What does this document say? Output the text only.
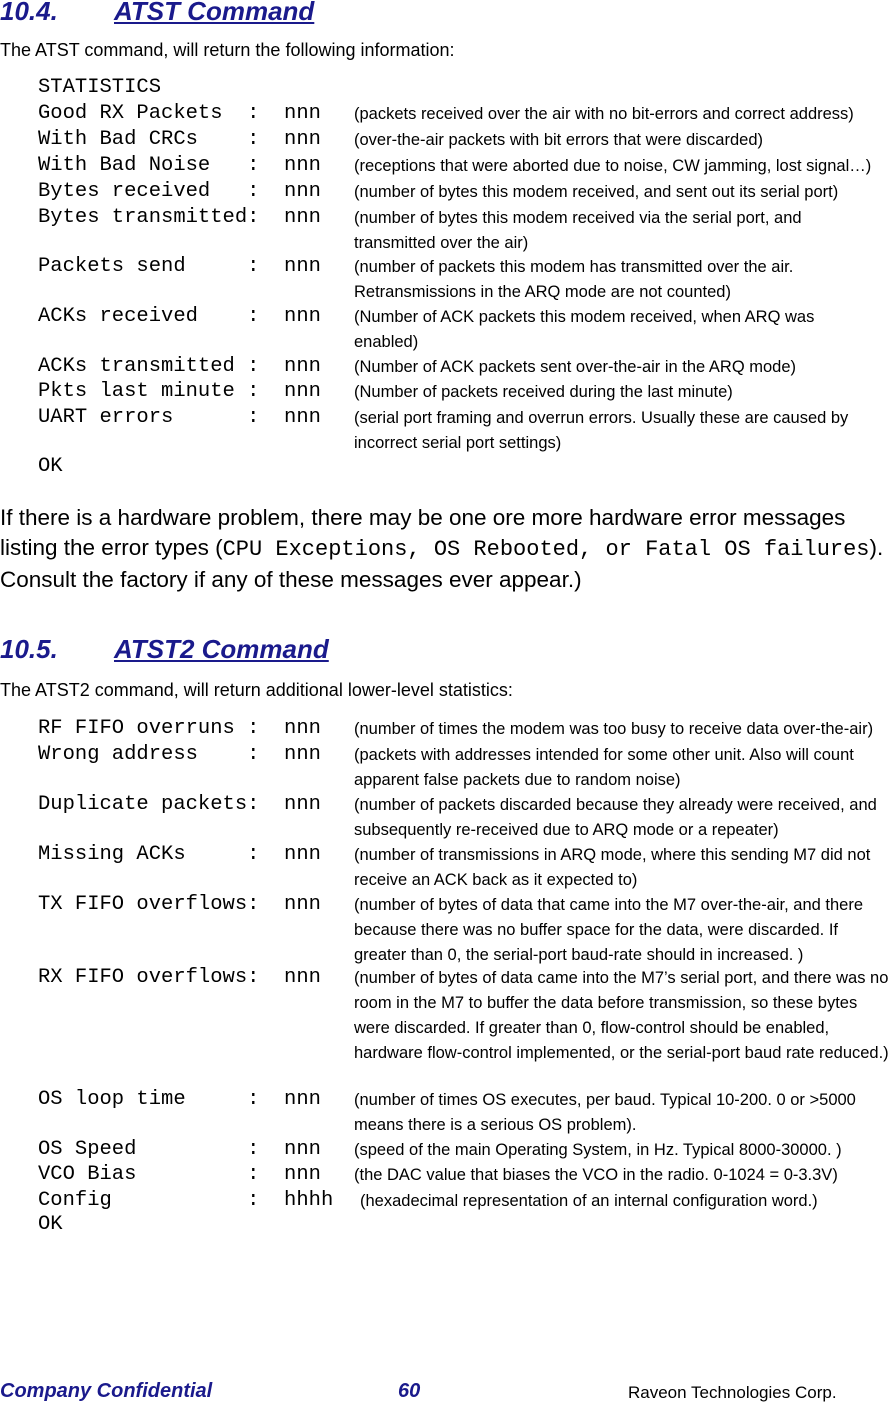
10.4. ATST Command
The ATST command, will return the following information:
STATISTICS
Good RX Packets  :  nnn (packets received over the air with no bit-errors and correct address)
With Bad CRCs    :  nnn (over-the-air packets with bit errors that were discarded)
With Bad Noise   :  nnn (receptions that were aborted due to noise, CW jamming, lost signal…)
Bytes received   :  nnn (number of bytes this modem received, and sent out its serial port)
Bytes transmitted:  nnn (number of bytes this modem received via the serial port, and transmitted over the air)
Packets send     :  nnn (number of packets this modem has transmitted over the air. Retransmissions in the ARQ mode are not counted)
ACKs received    :  nnn (Number of ACK packets this modem received, when ARQ was enabled)
ACKs transmitted :  nnn (Number of ACK packets sent over-the-air in the ARQ mode)
Pkts last minute :  nnn (Number of packets received during the last minute)
UART errors      :  nnn (serial port framing and overrun errors. Usually these are caused by incorrect serial port settings)
OK
If there is a hardware problem, there may be one ore more hardware error messages listing the error types (CPU Exceptions, OS Rebooted, or Fatal OS failures). Consult the factory if any of these messages ever appear.)
10.5. ATST2 Command
The ATST2 command, will return additional lower-level statistics:
RF FIFO overruns :  nnn (number of times the modem was too busy to receive data over-the-air)
Wrong address    :  nnn (packets with addresses intended for some other unit. Also will count apparent false packets due to random noise)
Duplicate packets:  nnn (number of packets discarded because they already were received, and subsequently re-received due to ARQ mode or a repeater)
Missing ACKs     :  nnn (number of transmissions in ARQ mode, where this sending M7 did not receive an ACK back as it expected to)
TX FIFO overflows:  nnn (number of bytes of data that came into the M7 over-the-air, and there because there was no buffer space for the data, were discarded. If greater than 0, the serial-port baud-rate should in increased. )
RX FIFO overflows:  nnn (number of bytes of data came into the M7’s serial port, and there was no room in the M7 to buffer the data before transmission, so these bytes were discarded. If greater than 0, flow-control should be enabled, hardware flow-control implemented, or the serial-port baud rate reduced.)
OS loop time     :  nnn (number of times OS executes, per baud. Typical 10-200. 0 or >5000 means there is a serious OS problem).
OS Speed         :  nnn (speed of the main Operating System, in Hz. Typical 8000-30000. )
VCO Bias         :  nnn (the DAC value that biases the VCO in the radio. 0-1024 = 0-3.3V)
Config           :  hhhh (hexadecimal representation of an internal configuration word.)
OK
Company Confidential	60	Raveon Technologies Corp.
